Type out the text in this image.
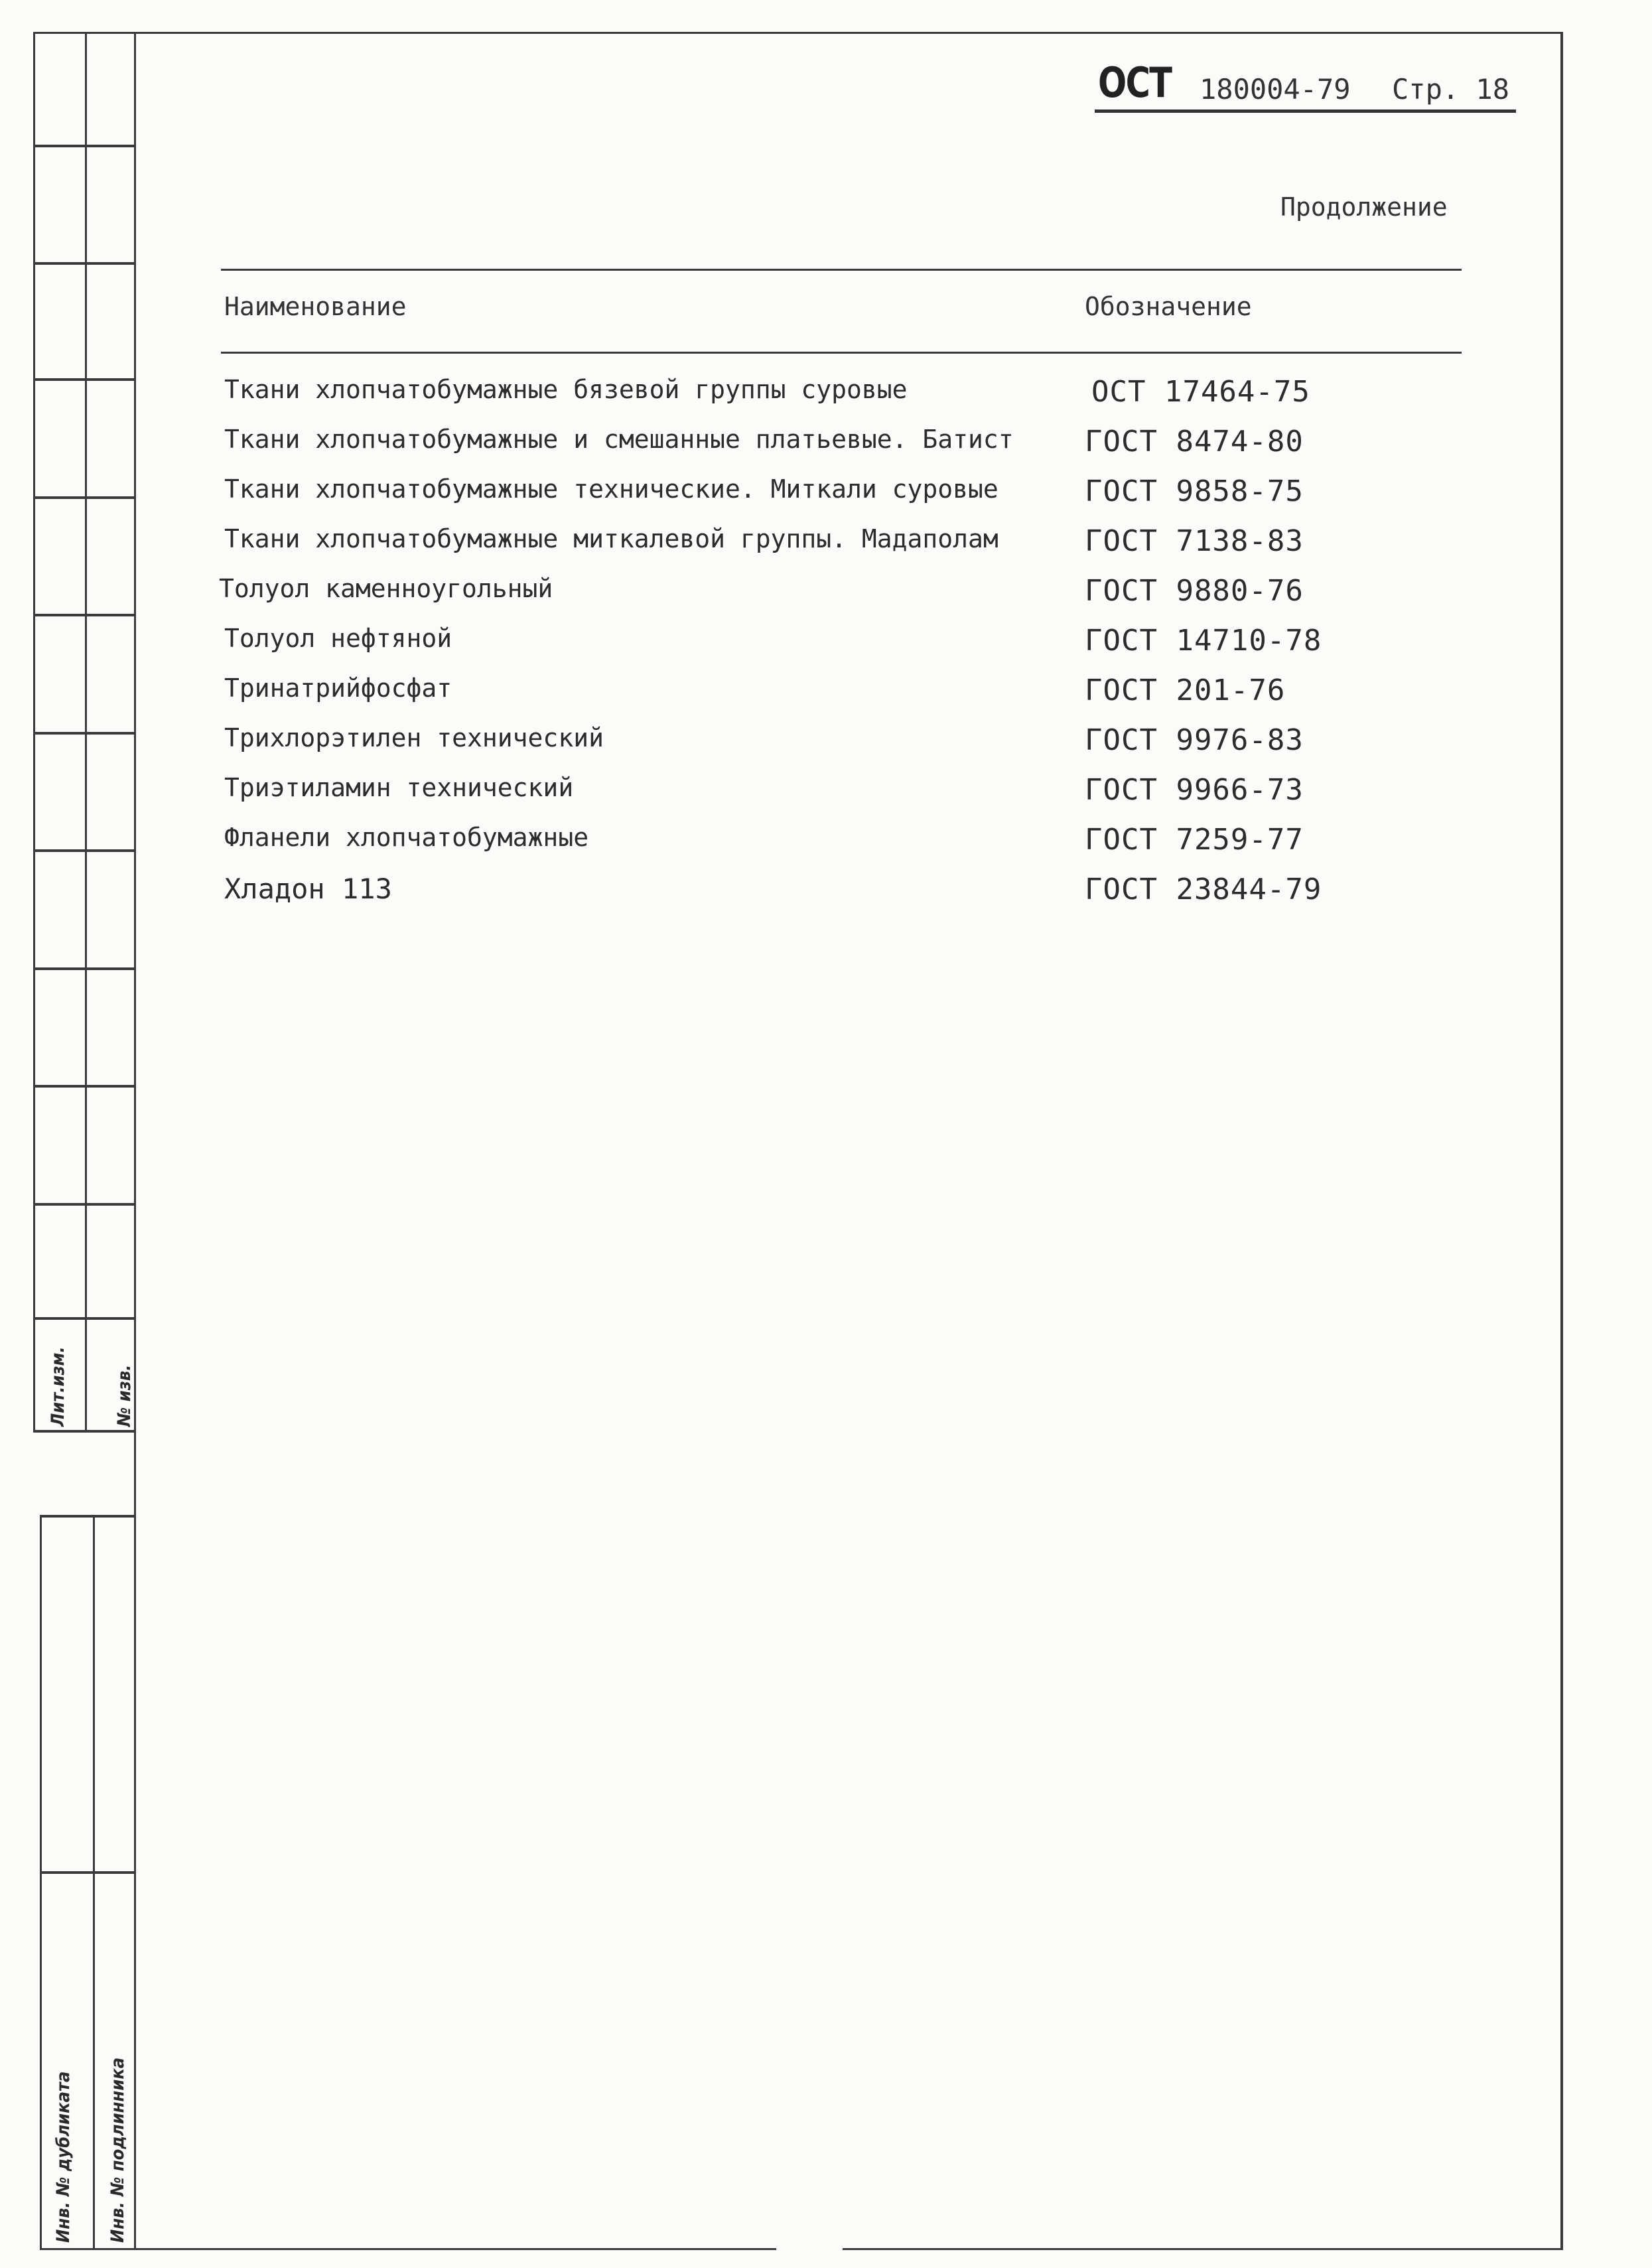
Лит.изм.	№ изв.
Инв. № дубликата Инв. № подлинника
ОСТ 180004-79 Стр. 18
Продолжение
Наименование	Обозначение
Ткани хлопчатобумажные бязевой группы суровые	ОСТ 17464-75
Ткани хлопчатобумажные и смешанные платьевые. Батист ГОСТ 8474-80
Ткани хлопчатобумажные технические. Миткали суровые	ГОСТ 9858-75
Ткани хлопчатобумажные миткалевой группы. Мадаполам	ГОСТ 7138-83
Толуол каменноугольный	ГОСТ 9880-76
Толуол нефтяной	ГОСТ 14710-78
Тринатрийфосфат	ГОСТ 201-76
Трихлорэтилен технический	ГОСТ 9976-83
Триэтиламин технический	ГОСТ 9966-73
Фланели хлопчатобумажные	ГОСТ 7259-77
Хладон 113	ГОСТ 23844-79
